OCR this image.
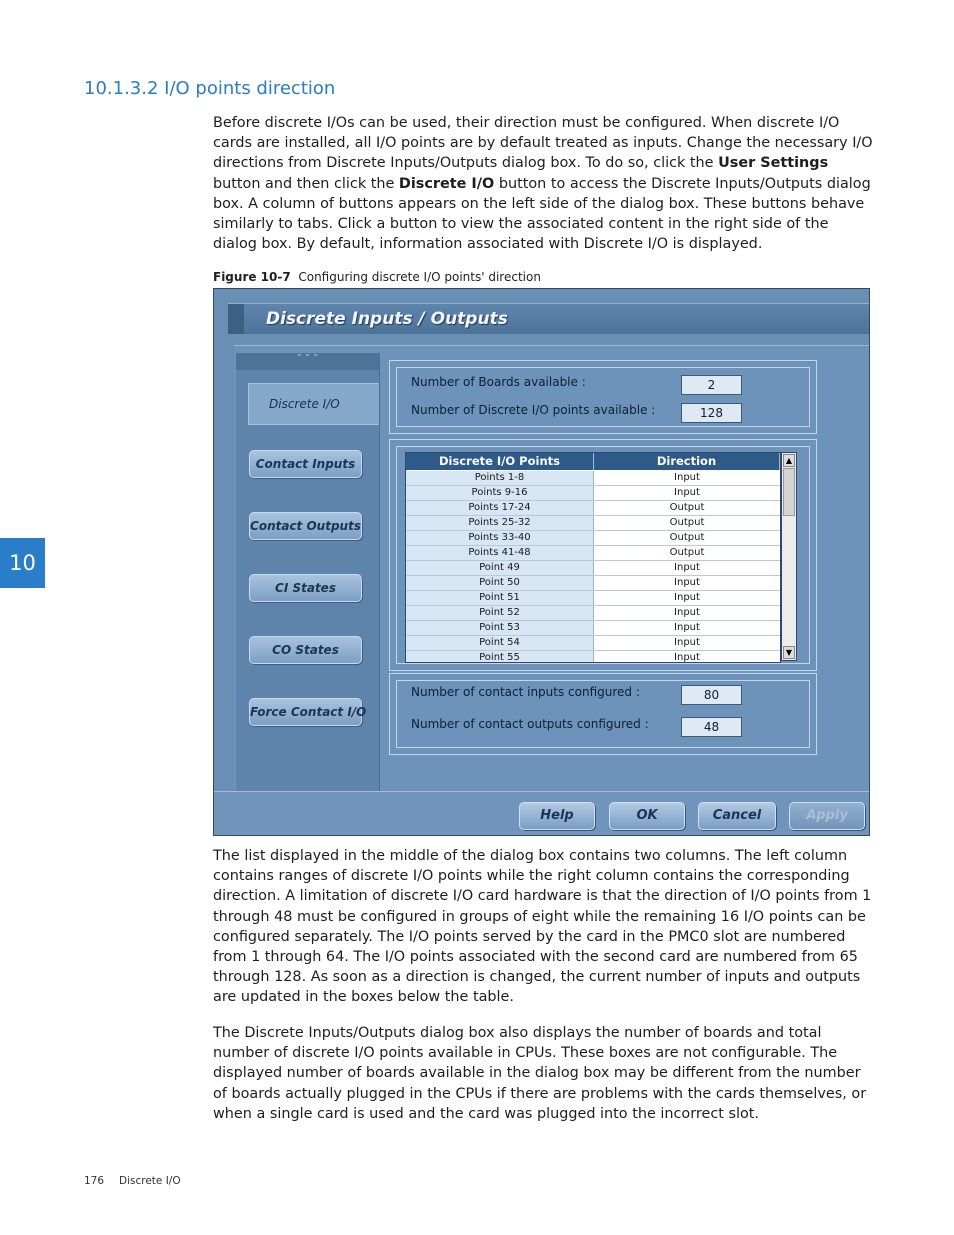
10.1.3.2 I/O points direction
Before discrete I/Os can be used, their direction must be configured. When discrete I/O cards are installed, all I/O points are by default treated as inputs. Change the necessary I/O directions from Discrete Inputs/Outputs dialog box. To do so, click the User Settings button and then click the Discrete I/O button to access the Discrete Inputs/Outputs dialog box. A column of buttons appears on the left side of the dialog box. These buttons behave similarly to tabs. Click a button to view the associated content in the right side of the dialog box. By default, information associated with Discrete I/O is displayed.
Figure 10-7 Configuring discrete I/O points' direction
Discrete Inputs / Outputs
˘ ˇ ˘
Discrete I/O
Contact Inputs
Contact Outputs
CI States
CO States
Force Contact I/O
Number of Boards available :	2
Number of Discrete I/O points available :	128
Discrete I/O Points	Direction
Points 1-8	Input
Points 9-16	Input
Points 17-24	Output
Points 25-32	Output
Points 33-40	Output
Points 41-48	Output
Point 49	Input
Point 50	Input
Point 51	Input
Point 52	Input
Point 53	Input
Point 54	Input
Point 55	Input
▲
▼
Number of contact inputs configured :	80
Number of contact outputs configured :	48
Help	OK	Cancel	Apply
10
The list displayed in the middle of the dialog box contains two columns. The left column contains ranges of discrete I/O points while the right column contains the corresponding direction. A limitation of discrete I/O card hardware is that the direction of I/O points from 1 through 48 must be configured in groups of eight while the remaining 16 I/O points can be configured separately. The I/O points served by the card in the PMC0 slot are numbered from 1 through 64. The I/O points associated with the second card are numbered from 65 through 128. As soon as a direction is changed, the current number of inputs and outputs are updated in the boxes below the table.
The Discrete Inputs/Outputs dialog box also displays the number of boards and total number of discrete I/O points available in CPUs. These boxes are not configurable. The displayed number of boards available in the dialog box may be different from the number of boards actually plugged in the CPUs if there are problems with the cards themselves, or when a single card is used and the card was plugged into the incorrect slot.
176 Discrete I/O
